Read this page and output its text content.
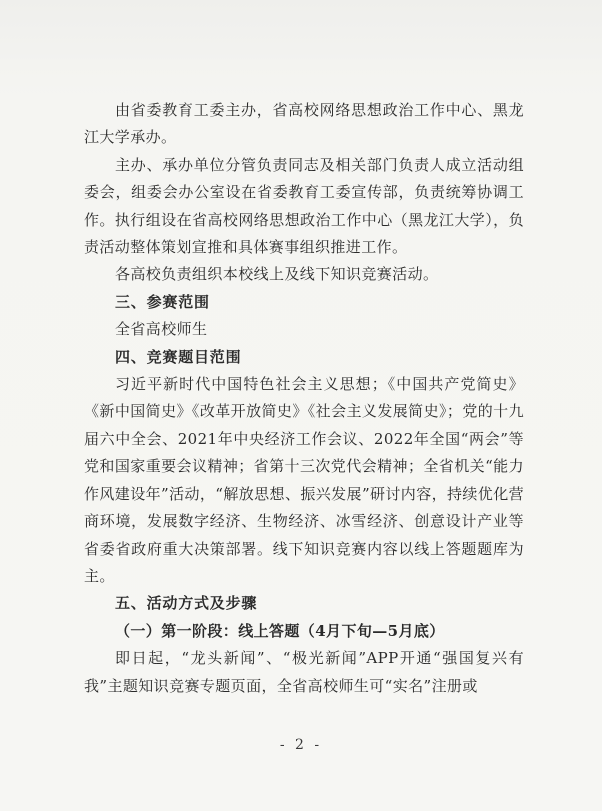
由省委教育工委主办，省高校网络思想政治工作中心、黑龙江大学承办。

主办、承办单位分管负责同志及相关部门负责人成立活动组委会，组委会办公室设在省委教育工委宣传部，负责统筹协调工作。执行组设在省高校网络思想政治工作中心（黑龙江大学），负责活动整体策划宣推和具体赛事组织推进工作。

各高校负责组织本校线上及线下知识竞赛活动。

三、参赛范围

全省高校师生

四、竞赛题目范围

习近平新时代中国特色社会主义思想；《中国共产党简史》《新中国简史》《改革开放简史》《社会主义发展简史》；党的十九届六中全会、2021年中央经济工作会议、2022年全国“两会”等党和国家重要会议精神；省第十三次党代会精神；全省机关“能力作风建设年”活动，“解放思想、振兴发展”研讨内容，持续优化营商环境，发展数字经济、生物经济、冰雪经济、创意设计产业等省委省政府重大决策部署。线下知识竞赛内容以线上答题题库为主。

五、活动方式及步骤

（一）第一阶段：线上答题（4月下旬—5月底）

即日起，“龙头新闻”、“极光新闻”APP开通“强国复兴有我”主题知识竞赛专题页面，全省高校师生可“实名”注册或

- 2 -
